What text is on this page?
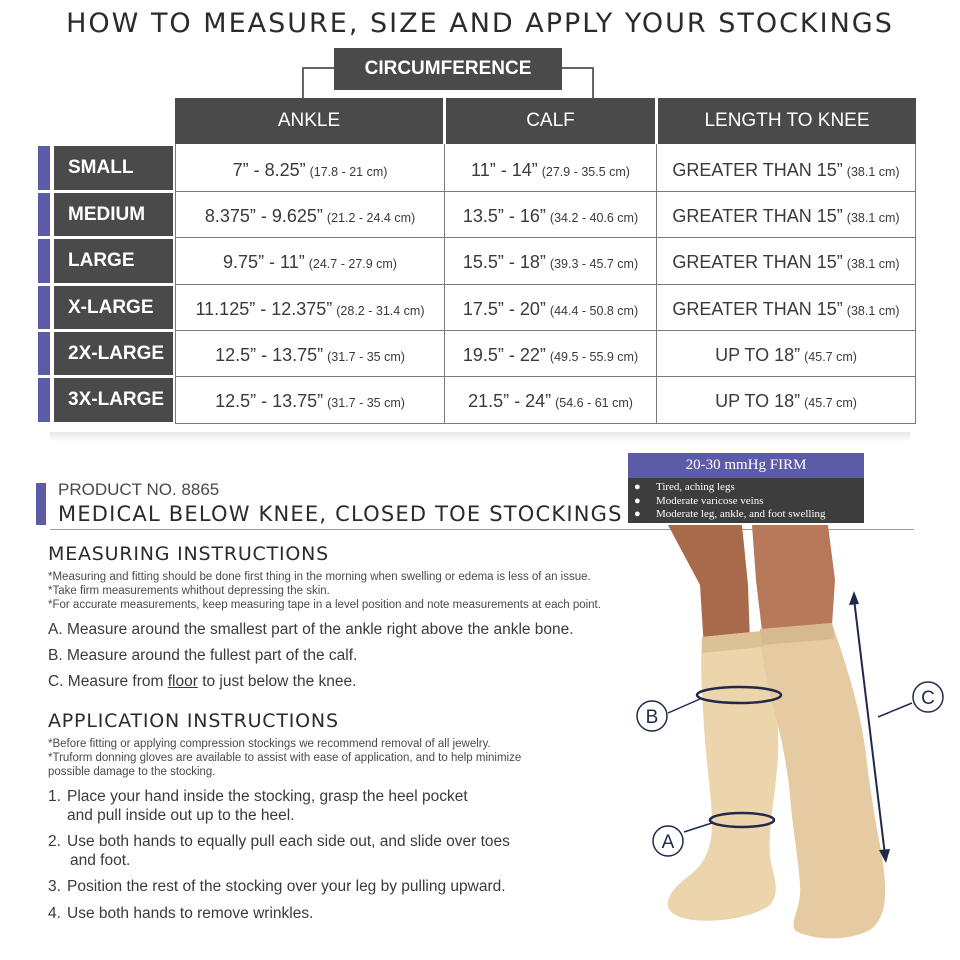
HOW TO MEASURE, SIZE AND APPLY YOUR STOCKINGS
CIRCUMFERENCE
ANKLE	CALF	LENGTH TO KNEE
SMALL	7” - 8.25” (17.8 - 21 cm)	11” - 14” (27.9 - 35.5 cm) GREATER THAN 15” (38.1 cm)
MEDIUM	8.375” - 9.625” (21.2 - 24.4 cm)	13.5” - 16” (34.2 - 40.6 cm) GREATER THAN 15” (38.1 cm)
LARGE	9.75” - 11” (24.7 - 27.9 cm)	15.5” - 18” (39.3 - 45.7 cm) GREATER THAN 15” (38.1 cm)
X-LARGE	11.125” - 12.375” (28.2 - 31.4 cm) 17.5” - 20” (44.4 - 50.8 cm) GREATER THAN 15” (38.1 cm)
2X-LARGE	12.5” - 13.75” (31.7 - 35 cm)	19.5” - 22” (49.5 - 55.9 cm)	UP TO 18” (45.7 cm)
3X-LARGE	12.5” - 13.75” (31.7 - 35 cm)	21.5” - 24” (54.6 - 61 cm)	UP TO 18” (45.7 cm)
20-30 mmHg FIRM
● Tired, aching legs
● Moderate varicose veins
● Moderate leg, ankle, and foot swelling
PRODUCT NO. 8865
MEDICAL BELOW KNEE, CLOSED TOE STOCKINGS
MEASURING INSTRUCTIONS
*Measuring and fitting should be done first thing in the morning when swelling or edema is less of an issue.
*Take firm measurements whithout depressing the skin.
*For accurate measurements, keep measuring tape in a level position and note measurements at each point.
A. Measure around the smallest part of the ankle right above the ankle bone.
B. Measure around the fullest part of the calf.
C. Measure from floor to just below the knee.
APPLICATION INSTRUCTIONS
*Before fitting or applying compression stockings we recommend removal of all jewelry.
*Truform donning gloves are available to assist with ease of application, and to help minimize
possible damage to the stocking.
1. Place your hand inside the stocking, grasp the heel pocket
and pull inside out up to the heel.
2. Use both hands to equally pull each side out, and slide over toes
and foot.
3. Position the rest of the stocking over your leg by pulling upward.
4. Use both hands to remove wrinkles.
B
A
C
